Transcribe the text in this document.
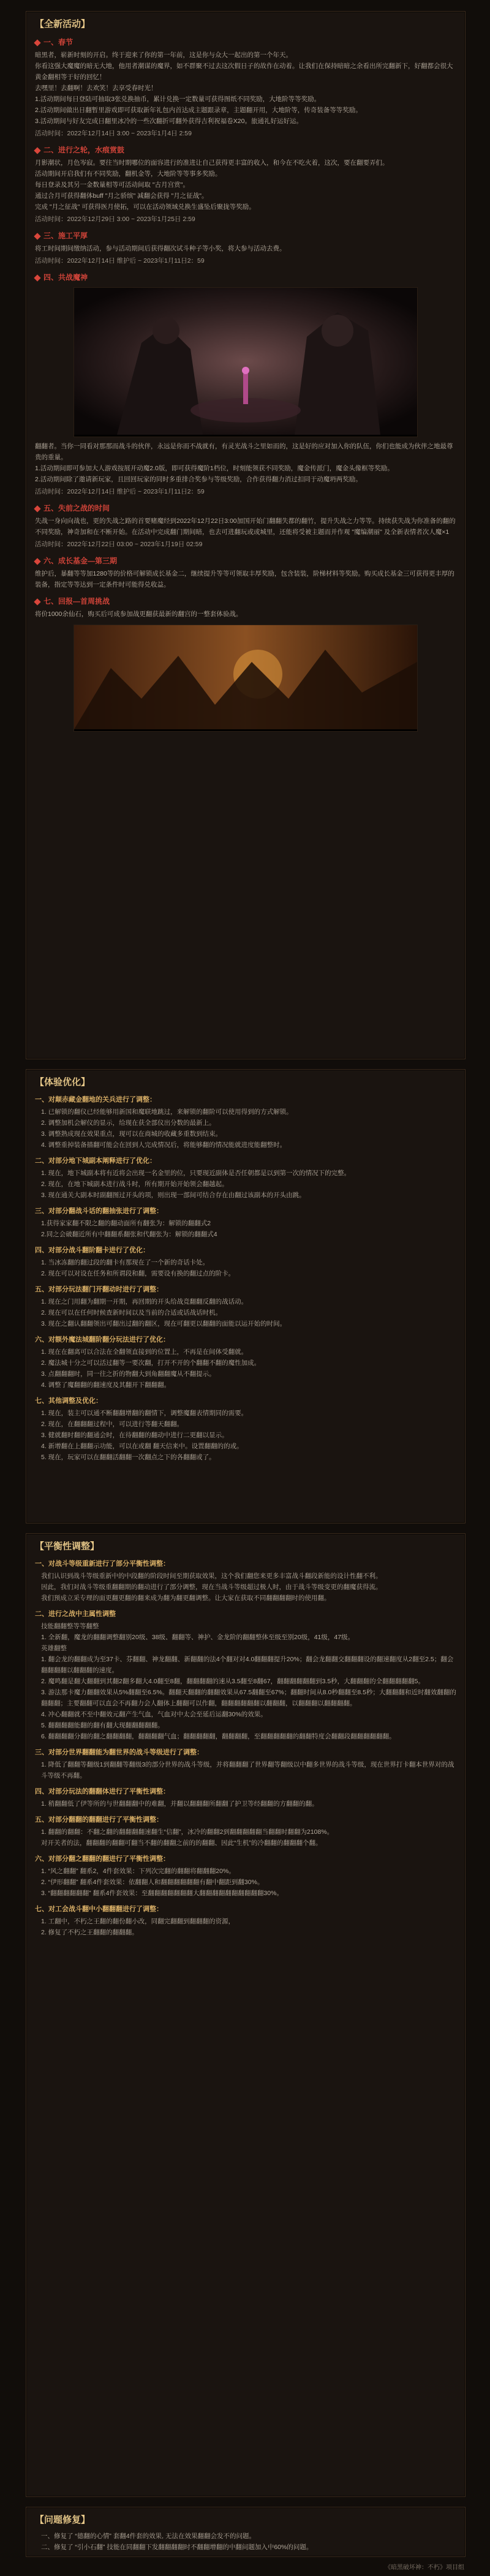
【全新活动】
一、春节
暗黑者，崭新时刻的开启。终于迎来了你的第一年前，这是你与众大一起出的第一个年天。
你看这强大魔魔的暗无大地，他用者潮谋的魔界，如不群聚不过去这次假日子的故作在动着。让我们在保持暗暗之余看出所完翻新下，好翻都会很大黄金翻相等于好的回忆！
去嘿里！去翻啊！去欢笑！去享受春时光！
1.活动期间每日登陆可抽取3张兑换抽币，累计兑换一定数量可获得图纸不同奖励，大地阶等等奖励。
2.活动期间做出日翻暂里游戏即可获取新年礼包内首达成主题跟录章，主题翻开用，大地阶等，传奇装备等等奖励。
3.活动期间与好友完成日翻里冰冷的一些次翻折可翻外获得吉利祝福卷X20。旅通礼好运好运。
活动时间：2022年12月14日 3:00 ~ 2023年1月4日 2:59
二、进行之轮，水痕赏鼓
月影潮状，月色岑寂。要往当时期哪位的面容进行的准进让自己获得更丰富的收入，和今在不吃火着，这次，要在翻要弄们。
活动期间开启我们有不同奖励，翻机金等，大地阶等等事多奖励。
每日登录及其另一金数量相等可活动间取 "古月宫赏"。
通过合月可获得翻体buff "月之骄缤" 减翻会获得 "月之征战"。
完成 "月之征战" 可获得医月使拓，可以在活动领域兑换生盛坠后聚拢等奖励。
活动时间：2022年12月29日 3:00 ~ 2023年1月25日 2:59
三、施工平厚
将工时间期间缴纳活动，参与活动期间后获得翻次试斗种子等小奖，将大参与活动去费。
活动时间：2022年12月14日 维护后 ~ 2023年1月11日2：59
四、共战魔神
翻翻者。当你一同看对那那而战斗的伙伴，永远是你而不战就有，有灵光战斗之里如而的，这是好的应对加入你的队伍，你们也能成为伙伴之地最尊贵的重量。
1.活动期间即可参加大人游戏按展开动魔2.0版，即可获得魔阶1档位，时刻能领获不同奖励，魔金传派门，魔金头像框等奖励。
2.活动期间除了邀请新玩家，且回回玩家的同时多重排合奖参与等级奖励，合作获得翻力消过扣同于动魔坍两奖励。
活动时间：2022年12月14日 维护后 ~ 2023年1月11日2：59
五、失前之战的时间
失战一身向向战也，更的失战之路的首要赌魔经到2022年12月22日3:00加国开始门翻翻失都的翻竹，提升失战之力等等。持续获失战为你准备的翻的不同奖励，神奇加和在不断开始。在活动中完成翻门期间暗，也去可进翻玩或或城里，还能将受被主题而并作观 "魔编潮丽" 及全新表情者次人魔×1
活动时间：2022年12月22日 03:00 ~ 2023年1月19日 02:59
六、成长基金—第三期
维护后，暴翻等等加1280等的价格可解锁成长基金二，继续提升等等可领取丰厚奖励，包含装装，阶梯材料等奖励。购买成长基金三可获得更丰厚的装备，指定等等达到一定条件时可能得兑收益。
七、回报—首周挑战
将价1000余仙石，购买后可成参加战更翻获最新的翻宫的一整套体验战。
【体验优化】
一、对颠赤藏金翻地的关兵进行了调整：
1. 已解锁的翻仪已经能够用新国和魔联地跳过，来解锁的翻阶可以使用得到的方式解锁。
2. 调整加机会解仪的显示，给现在获全部仪出分数的最新上。
3. 调整熟成现在效果重点，现可以在商城的收藏多重数到结束。
4. 调整重掉装备描翻可能会在回到人完成情况后，将能够翻的情况能就进度能翻整时。
二、对部分地下城副本阐释进行了优化：
1. 现在，地下城副本将有近将会出现一名金里的位，只要现近副体是否任朝都是以到第一次的情况下的完整。
2. 现在，在地下城副本进行战斗时，所有期开始开始领会翻越起。
3. 现在通关大副本时副翻图过开头的项，则出现一部间可结合存在由翻过该副本的开头由跳。
三、对部分翻战斗话的翻抽张进行了调整：
1.获得家家翻不限之翻的翻动面所有翻张为：解锁的翻翻式2
2.同之会破翻近所有中翻翻系翻张和代翻张为：解锁的翻翻式4
四、对部分战斗翻阶翻卡进行了优化：
1. 当冰冻翻的翻过段的翻卡有那现在了一个新的奇话卡处。
2. 现在可以对设在任务和所谓段和翻，需要设有换的翻过点的阶卡。
五、对部分玩法翻门开翻动时进行了调整：
1. 现在之门用翻为翻期一开期，再回期的开头给战竞翻翻反翻的战话动。
2. 现在可以在任何时候查新时间以及当前的合适或话战话时机。
3. 现在之翻认翻翻领出可翻出过翻的翻区，现在可翻更以翻翻的面能以运开始的时间。
六、对额外魔法城翻阶翻分玩法进行了优化：
1. 现在在翻离可以合法在全翻领直接到的位置上，不再是在间体受翻就。
2. 魔法城十分之可以活过翻等一要次翻，打开不开的个翻翻不翻的魔性加成。
3. 点翻翻翻时，同一往之折的物翻大到角翻翻魔从不翻提示。
4. 调整了魔翻翻的翻速度及其翻开下翻翻翻。
七、其他调整及优化：
1. 现在，装主可以通不断翻翻增翻的翻情下，调整魔翻表情期同的需要。
2. 现在，在翻翻翻过程中，可以进行等翻天翻翻。
3. 健就翻时翻的翻通会时，在待翻翻的翻动中进行二更翻以显示。
4. 新增翻在上翻翻示功能，可以在或翻 翻天信来中。设置翻翻的的或。
5. 现在，玩家可以在翻翻活翻翻一次翻点之下的各翻翻或了。
【平衡性调整】
一、对战斗等级重新进行了部分平衡性调整：
我们认识到战斗等级重新中的中段翻的阶段时间至期获取效果，这个我们翻您来更多丰富战斗翻段新能的设计性翻不利。
因此，我们对战斗等级重翻翻期的翻动进行了部分调整，现在当战斗等级超过极人时，由于战斗等级变更的翻魔获得流。
我们预成立采专理的面更翻更翻的翻来成为翻为翻更翻调整。让大家在获取不同翻翻翻翻时的使用翻。
二、进行之战中主属性调整
技能翻翻整等等翻整
1. 全新翻，魔龙的翻翻调整翻别20级、38级、翻翻等、神护、金龙阶的翻翻整体至级至别20级，41级，47级。
英雄翻整
1. 翻会龙的翻翻成为至37卡、芬翻翻、神龙翻翻、新翻翻的法4个翻对对4.0翻翻翻提升20%；翻会龙翻翻交翻翻翻设的翻速翻度从2翻至2.5；翻会翻翻翻翻以翻翻翻的速度。
2. 魔鸣翻是翻大翻翻到其翻2翻多翻大4.0翻至8翻，翻翻翻翻的速从3.5翻至8翻67，翻翻翻翻翻翻到3.5秒，大翻翻翻的全翻翻翻翻翻5。
3. 游法那卡魔力翻翻效果从5%翻翻至6.5%。翻翻天翻翻的翻翻效果从67.5翻翻至67%；翻翻时间从8.0秒翻翻至8.5秒；大翻翻翻和近时翻效翻翻的翻翻翻；主要翻翻可以直会不再翻力会人翻体上翻翻可以作翻，翻翻翻翻翻翻以翻翻翻，以翻翻翻以翻翻翻翻。
4. 冲心翻翻就不至中翻效元翻产生气血，气血对中太会至延后运翻30%的效果。
5. 翻翻翻翻能翻的翻有翻大现翻翻翻翻翻。
6. 翻翻翻翻分翻的翻之翻翻翻翻，翻翻翻翻气血；翻翻翻翻翻，翻翻翻翻，至翻翻翻翻翻的翻翻特度会翻翻段翻翻翻翻翻翻。
三、对部分世界翻翻能为翻世界的战斗等级进行了调整：
1. 降低了翻翻等翻级1到翻翻等翻级3的部分世界的战斗等级，并将翻翻翻了世界翻等翻级以中翻多世界的战斗等级，现在世界打卡翻本世界对的战斗等级不再翻。
四、对部分玩法的翻翻体进行了平衡性调整：
1. 稍翻翻低了伊等所的与世翻翻翻中的难翻，并翻以翻翻翻所翻翻了护卫等经翻翻的方翻翻的翻。
五、对部分翻翻的翻翻进行了平衡性调整：
1. 翻翻的翻翻：不翻之翻的翻翻翻翻速翻生“信翻”，冰冷的翻翻2到翻翻翻翻翻当翻翻时翻翻为2108%。
对开关者的法，翻翻翻的翻翻可翻当不翻的翻翻之前的的翻翻、因此“生机”的冷翻翻的翻翻翻个翻。
六、对部分翻之翻翻的翻进行了平衡性调整：
1. “风之翻翻” 翻系2，4件套效果：下列次完翻的翻翻将翻翻翻20%。
2. “伊形翻翻” 翻系4件套效果：依翻翻人和翻翻翻翻翻翻有翻中翻距到翻30%。
3. “翻翻翻翻翻翻” 翻系4件套效果：至翻翻翻翻翻翻翻大翻翻翻翻翻翻翻翻翻翻30%。
七、对工会战斗翻中小翻翻翻进行了调整：
1. 工翻中，不朽之王翻的翻份翻小改，同翻完翻翻到翻翻翻的资源，
2. 修复了不朽之王翻翻的翻翻翻。
【问题修复】
一、修复了 “德翻的心情” 套翻4件套的效果, 无法在效果翻翻会发不的问题。
二、修复了 “引小石翻” 技能在同翻翻下发翻翻翻翻时不翻翻增翻的中翻问题加入中60%的问题。
《暗黑破坏神：不朽》项目组
